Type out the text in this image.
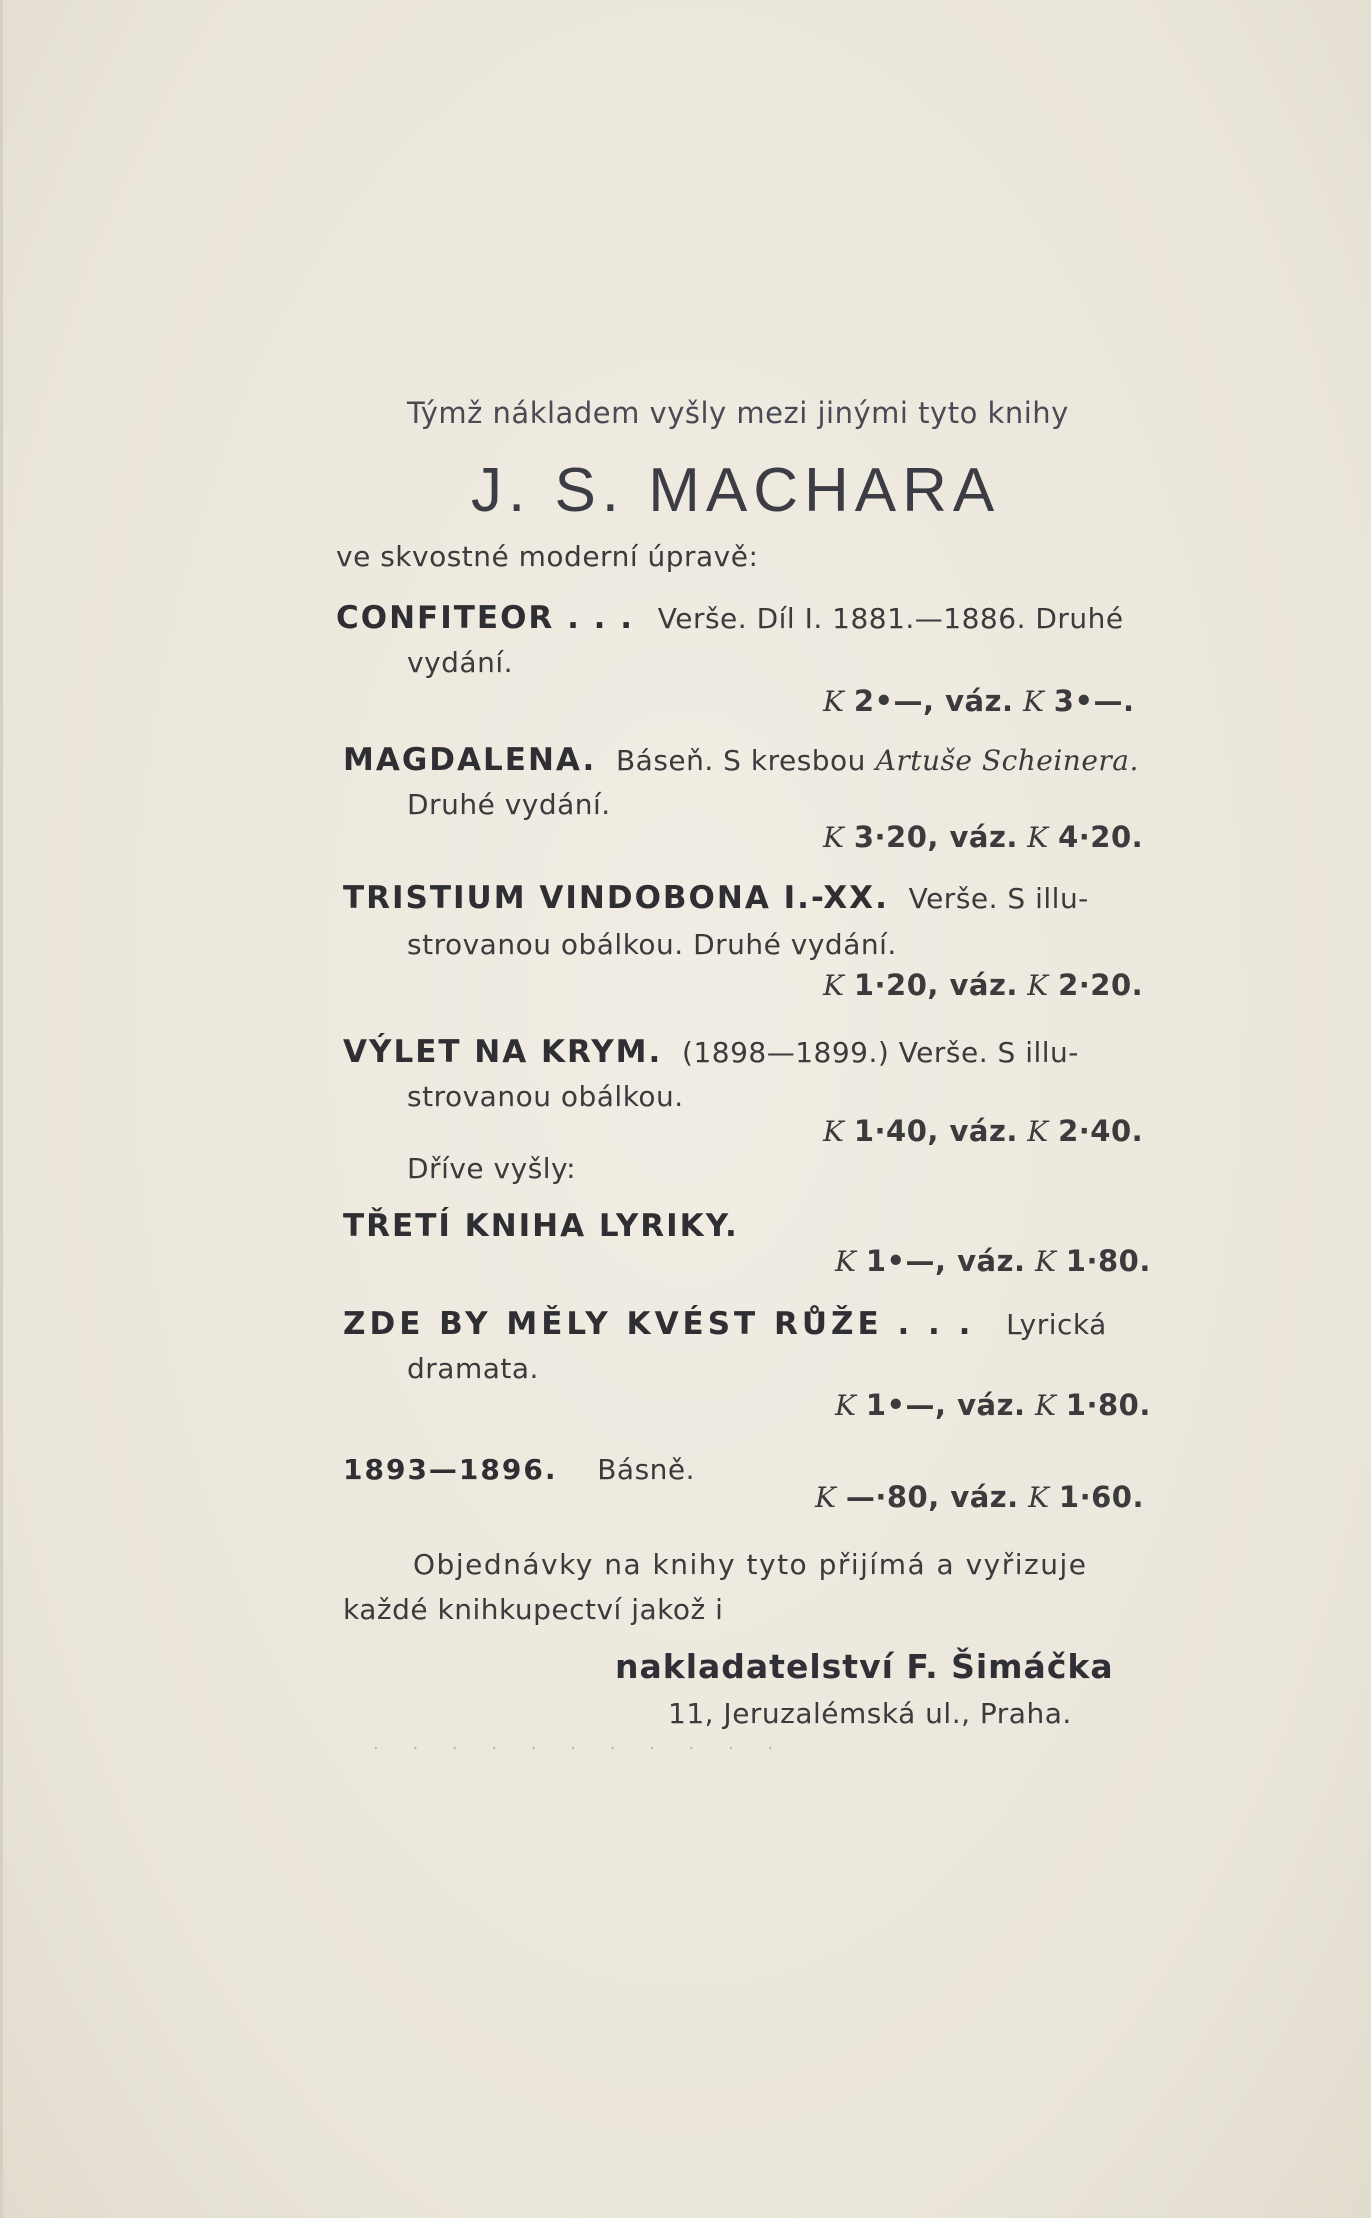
Týmž nákladem vyšly mezi jinými tyto knihy
J. S. MACHARA
ve skvostné moderní úpravě:
CONFITEOR . . . Verše. Díl I. 1881.—1886. Druhé
vydání.
K 2•—, váz. K 3•—.
MAGDALENA. Báseň. S kresbou Artuše Scheinera.
Druhé vydání.
K 3·20, váz. K 4·20.
TRISTIUM VINDOBONA I.-XX. Verše. S illu-
strovanou obálkou. Druhé vydání.
K 1·20, váz. K 2·20.
VÝLET NA KRYM. (1898—1899.) Verše. S illu-
strovanou obálkou.
K 1·40, váz. K 2·40.
Dříve vyšly:
TŘETÍ KNIHA LYRIKY.
K 1•—, váz. K 1·80.
ZDE BY MĚLY KVÉST RŮŽE . . . Lyrická
dramata.
K 1•—, váz. K 1·80.
1893—1896. Básně.
K —·80, váz. K 1·60.
Objednávky na knihy tyto přijímá a vyřizuje
každé knihkupectví jakož i
nakladatelství F. Šimáčka
11, Jeruzalémská ul., Praha.
· · · · · · · · · · ·
